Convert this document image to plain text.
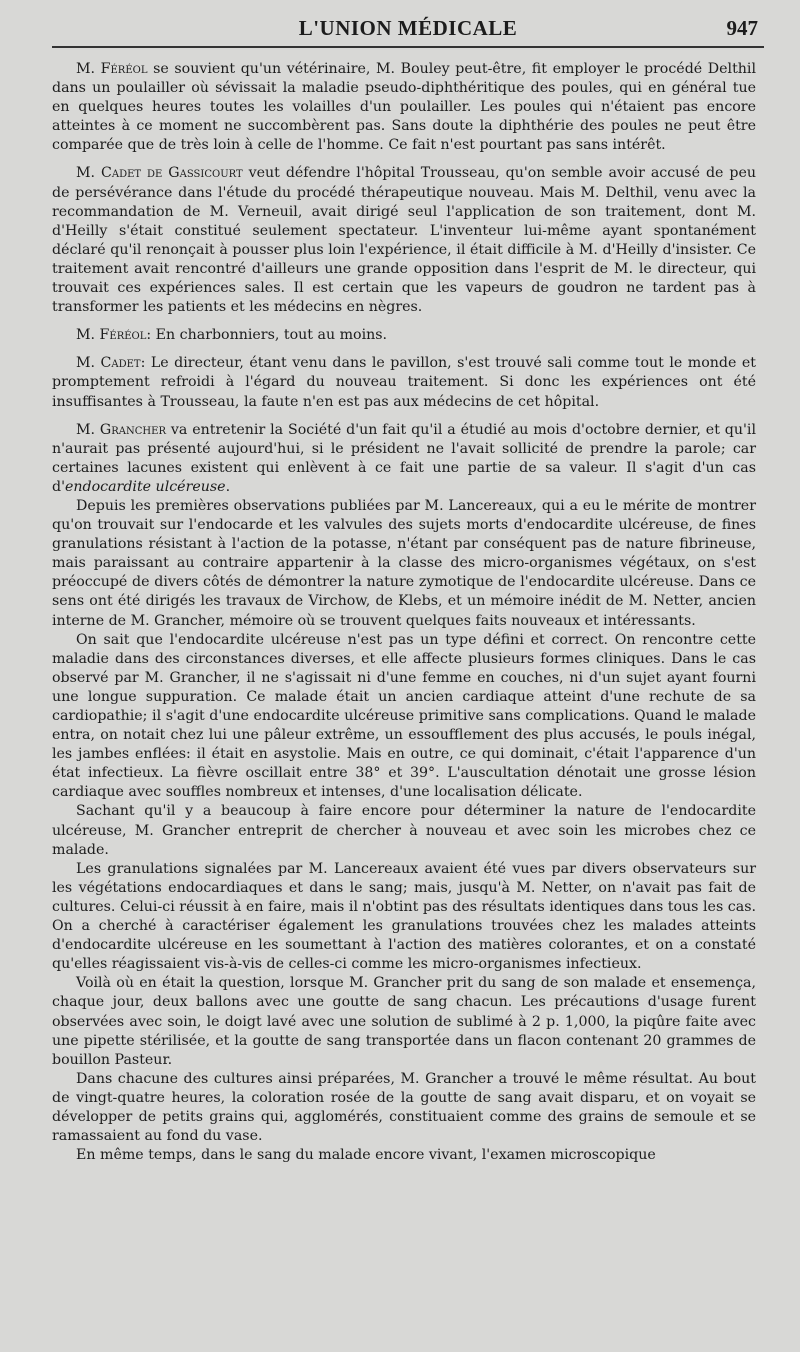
L'UNION MÉDICALE	947

M. Féréol se souvient qu'un vétérinaire, M. Bouley peut-être, fit employer le procédé Delthil dans un poulailler où sévissait la maladie pseudo-diphthéritique des poules, qui en général tue en quelques heures toutes les volailles d'un poulailler. Les poules qui n'étaient pas encore atteintes à ce moment ne succombèrent pas. Sans doute la diphthérie des poules ne peut être comparée que de très loin à celle de l'homme. Ce fait n'est pourtant pas sans intérêt.

M. Cadet de Gassicourt veut défendre l'hôpital Trousseau, qu'on semble avoir accusé de peu de persévérance dans l'étude du procédé thérapeutique nouveau. Mais M. Delthil, venu avec la recommandation de M. Verneuil, avait dirigé seul l'application de son traitement, dont M. d'Heilly s'était constitué seulement spectateur. L'inventeur lui-même ayant spontanément déclaré qu'il renonçait à pousser plus loin l'expérience, il était difficile à M. d'Heilly d'insister. Ce traitement avait rencontré d'ailleurs une grande opposition dans l'esprit de M. le directeur, qui trouvait ces expériences sales. Il est certain que les vapeurs de goudron ne tardent pas à transformer les patients et les médecins en nègres.

M. Féréol: En charbonniers, tout au moins.

M. Cadet: Le directeur, étant venu dans le pavillon, s'est trouvé sali comme tout le monde et promptement refroidi à l'égard du nouveau traitement. Si donc les expériences ont été insuffisantes à Trousseau, la faute n'en est pas aux médecins de cet hôpital.

M. Grancher va entretenir la Société d'un fait qu'il a étudié au mois d'octobre dernier, et qu'il n'aurait pas présenté aujourd'hui, si le président ne l'avait sollicité de prendre la parole; car certaines lacunes existent qui enlèvent à ce fait une partie de sa valeur. Il s'agit d'un cas d'endocardite ulcéreuse.

Depuis les premières observations publiées par M. Lancereaux, qui a eu le mérite de montrer qu'on trouvait sur l'endocarde et les valvules des sujets morts d'endocardite ulcéreuse, de fines granulations résistant à l'action de la potasse, n'étant par conséquent pas de nature fibrineuse, mais paraissant au contraire appartenir à la classe des micro-organismes végétaux, on s'est préoccupé de divers côtés de démontrer la nature zymotique de l'endocardite ulcéreuse. Dans ce sens ont été dirigés les travaux de Virchow, de Klebs, et un mémoire inédit de M. Netter, ancien interne de M. Grancher, mémoire où se trouvent quelques faits nouveaux et intéressants.

On sait que l'endocardite ulcéreuse n'est pas un type défini et correct. On rencontre cette maladie dans des circonstances diverses, et elle affecte plusieurs formes cliniques. Dans le cas observé par M. Grancher, il ne s'agissait ni d'une femme en couches, ni d'un sujet ayant fourni une longue suppuration. Ce malade était un ancien cardiaque atteint d'une rechute de sa cardiopathie; il s'agit d'une endocardite ulcéreuse primitive sans complications. Quand le malade entra, on notait chez lui une pâleur extrême, un essoufflement des plus accusés, le pouls inégal, les jambes enflées: il était en asystolie. Mais en outre, ce qui dominait, c'était l'apparence d'un état infectieux. La fièvre oscillait entre 38° et 39°. L'auscultation dénotait une grosse lésion cardiaque avec souffles nombreux et intenses, d'une localisation délicate.

Sachant qu'il y a beaucoup à faire encore pour déterminer la nature de l'endocardite ulcéreuse, M. Grancher entreprit de chercher à nouveau et avec soin les microbes chez ce malade.

Les granulations signalées par M. Lancereaux avaient été vues par divers observateurs sur les végétations endocardiaques et dans le sang; mais, jusqu'à M. Netter, on n'avait pas fait de cultures. Celui-ci réussit à en faire, mais il n'obtint pas des résultats identiques dans tous les cas. On a cherché à caractériser également les granulations trouvées chez les malades atteints d'endocardite ulcéreuse en les soumettant à l'action des matières colorantes, et on a constaté qu'elles réagissaient vis-à-vis de celles-ci comme les micro-organismes infectieux.

Voilà où en était la question, lorsque M. Grancher prit du sang de son malade et ensemença, chaque jour, deux ballons avec une goutte de sang chacun. Les précautions d'usage furent observées avec soin, le doigt lavé avec une solution de sublimé à 2 p. 1,000, la piqûre faite avec une pipette stérilisée, et la goutte de sang transportée dans un flacon contenant 20 grammes de bouillon Pasteur.

Dans chacune des cultures ainsi préparées, M. Grancher a trouvé le même résultat. Au bout de vingt-quatre heures, la coloration rosée de la goutte de sang avait disparu, et on voyait se développer de petits grains qui, agglomérés, constituaient comme des grains de semoule et se ramassaient au fond du vase.

En même temps, dans le sang du malade encore vivant, l'examen microscopique
